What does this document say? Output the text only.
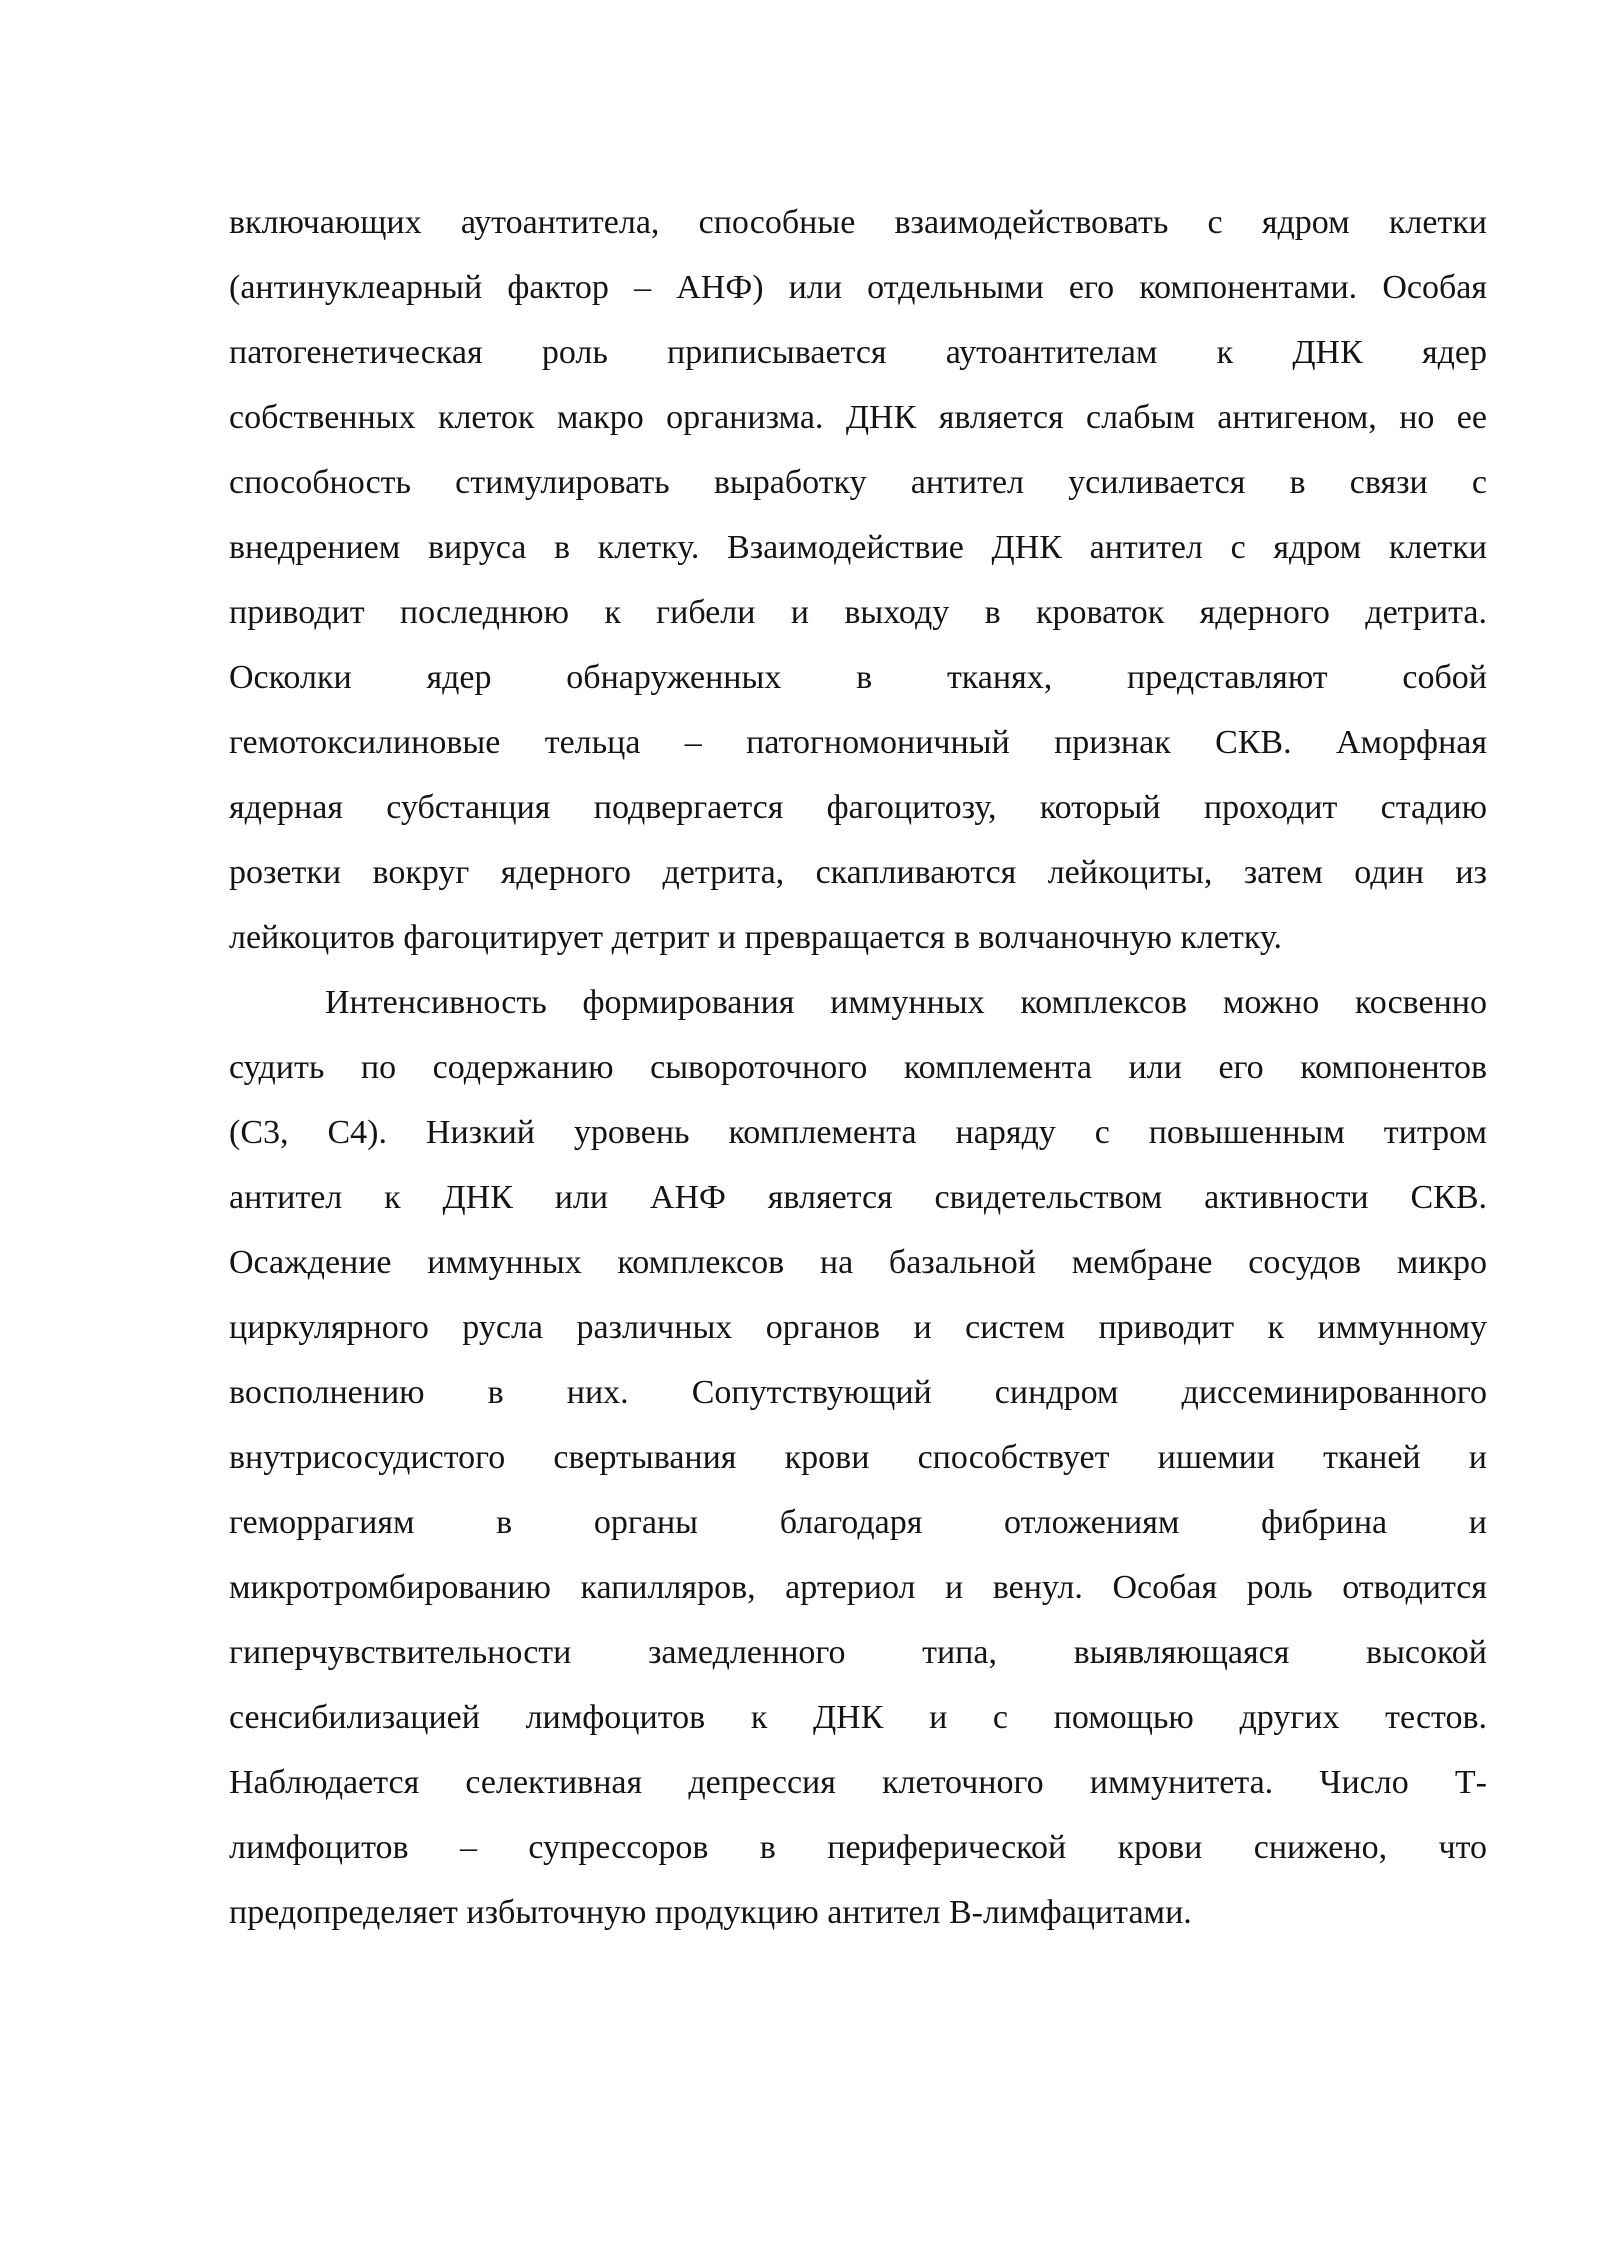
включающих аутоантитела, способные взаимодействовать с ядром клетки
(антинуклеарный фактор – АНФ) или отдельными его компонентами. Особая
патогенетическая роль приписывается аутоантителам к ДНК ядер
собственных клеток макро организма. ДНК является слабым антигеном, но ее
способность стимулировать выработку антител усиливается в связи с
внедрением вируса в клетку. Взаимодействие ДНК антител с ядром клетки
приводит последнюю к гибели и выходу в кроваток ядерного детрита.
Осколки ядер обнаруженных в тканях, представляют собой
гемотоксилиновые тельца – патогномоничный признак СКВ. Аморфная
ядерная субстанция подвергается фагоцитозу, который проходит стадию
розетки вокруг ядерного детрита, скапливаются лейкоциты, затем один из
лейкоцитов фагоцитирует детрит и превращается в волчаночную клетку.
Интенсивность формирования иммунных комплексов можно косвенно
судить по содержанию сывороточного комплемента или его компонентов
(С3, С4). Низкий уровень комплемента наряду с повышенным титром
антител к ДНК или АНФ является свидетельством активности СКВ.
Осаждение иммунных комплексов на базальной мембране сосудов микро
циркулярного русла различных органов и систем приводит к иммунному
восполнению в них. Сопутствующий синдром диссеминированного
внутрисосудистого свертывания крови способствует ишемии тканей и
геморрагиям в органы благодаря отложениям фибрина и
микротромбированию капилляров, артериол и венул. Особая роль отводится
гиперчувствительности замедленного типа, выявляющаяся высокой
сенсибилизацией лимфоцитов к ДНК и с помощью других тестов.
Наблюдается селективная депрессия клеточного иммунитета. Число Т-
лимфоцитов – супрессоров в периферической крови снижено, что
предопределяет избыточную продукцию антител В-лимфацитами.
